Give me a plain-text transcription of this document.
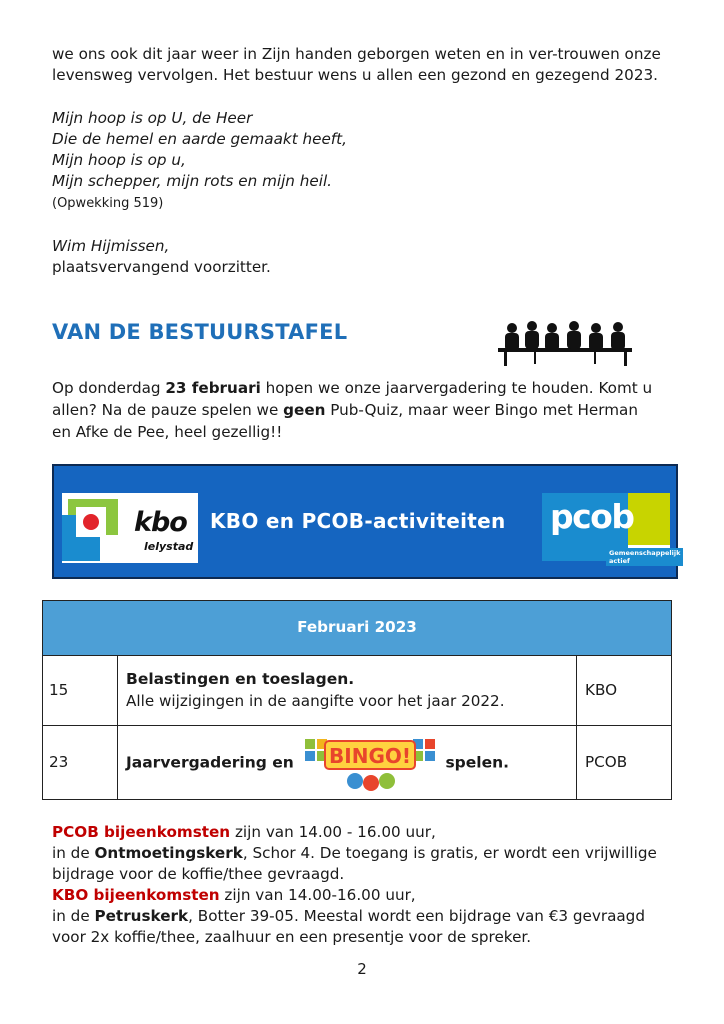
we ons ook dit jaar weer in Zijn handen geborgen weten en in ver-trouwen onze

levensweg vervolgen. Het bestuur wens u allen een gezond en gezegend 2023.

Mijn hoop is op U, de Heer

Die de hemel en aarde gemaakt heeft,

Mijn hoop is op u,

Mijn schepper, mijn rots en mijn heil.

(Opwekking 519)

Wim Hijmissen,

plaatsvervangend voorzitter.

VAN DE BESTUURSTAFEL

Op donderdag 23 februari hopen we onze jaarvergadering te houden. Komt u

allen? Na de pauze spelen we geen Pub-Quiz, maar weer Bingo met Herman

en Afke de Pee, heel gezellig!!

kbo
lelystad
KBO en PCOB-activiteiten pcob
Gemeenschappelijk actief
Februari 2023		
15	Belastingen en toeslagen.
Alle wijzigingen in de aangifte voor het jaar 2022.	KBO
23	Jaarvergadering en BINGO! spelen.	PCOB

PCOB bijeenkomsten zijn van 14.00 - 16.00 uur,

in de Ontmoetingskerk, Schor 4. De toegang is gratis, er wordt een vrijwillige

bijdrage voor de koffie/thee gevraagd.

KBO bijeenkomsten zijn van 14.00-16.00 uur,

in de Petruskerk, Botter 39-05. Meestal wordt een bijdrage van €3 gevraagd

voor 2x koffie/thee, zaalhuur en een presentje voor de spreker.

2
